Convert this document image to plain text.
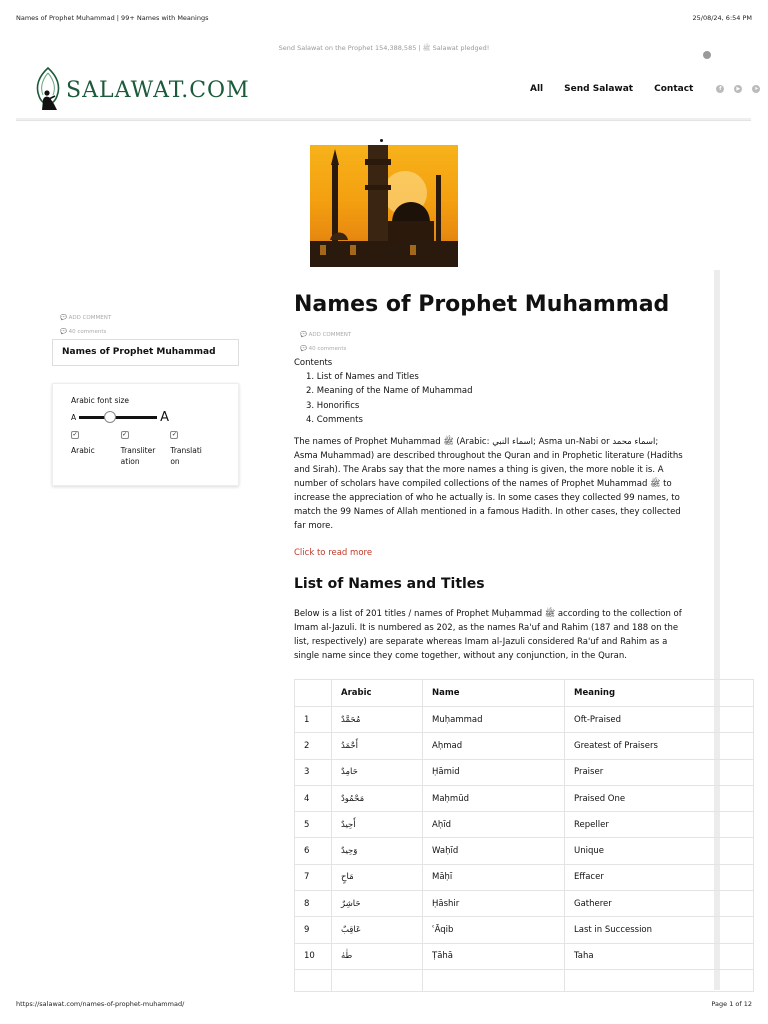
Names of Prophet Muhammad | 99+ Names with Meanings	25/08/24, 6:54 PM
Send Salawat on the Prophet ﷺ | 154,388,585 Salawat pledged!
SALAWAT.COM	All Send Salawat Contact	f	▶	➤
💬 ADD COMMENT
💬 40 comments
Names of Prophet Muhammad
Arabic font size
A	A
✓
Arabic
✓
Transliter ation
✓
Translati on
Names of Prophet Muhammad
💬 ADD COMMENT
💬 40 comments
Contents
1. List of Names and Titles
2. Meaning of the Name of Muhammad
3. Honorifics
4. Comments

The names of Prophet Muhammad ﷺ (Arabic: اسماء النبي; Asma un-Nabi or اسماء محمد; Asma Muhammad) are described throughout the Quran and in Prophetic literature (Hadiths and Sirah). The Arabs say that the more names a thing is given, the more noble it is. A number of scholars have compiled collections of the names of Prophet Muhammad ﷺ to increase the appreciation of who he actually is. In some cases they collected 99 names, to match the 99 Names of Allah mentioned in a famous Hadith. In other cases, they collected far more.

Click to read more

List of Names and Titles

Below is a list of 201 titles / names of Prophet Muḥammad ﷺ according to the collection of Imam al-Jazuli. It is numbered as 202, as the names Ra'uf and Rahim (187 and 188 on the list, respectively) are separate whereas Imam al-Jazuli considered Ra'uf and Rahim as a single name since they come together, without any conjunction, in the Quran.

	Arabic	Name	Meaning
1	مُحَمَّدٌ	Muḥammad	Oft-Praised
2	أَحْمَدُ	Aḥmad	Greatest of Praisers
3	حَامِدٌ	Ḥāmid	Praiser
4	مَحْمُودٌ	Maḥmūd	Praised One
5	أَحِيدٌ	Aḥīd	Repeller
6	وَحِيدٌ	Waḥīd	Unique
7	مَاحٍ	Māḥī	Effacer
8	حَاشِرٌ	Ḥāshir	Gatherer
9	عَاقِبٌ	ʿĀqib	Last in Succession
10	طٰهٰ	Ṭāhā	Taha

https://salawat.com/names-of-prophet-muhammad/	Page 1 of 12
